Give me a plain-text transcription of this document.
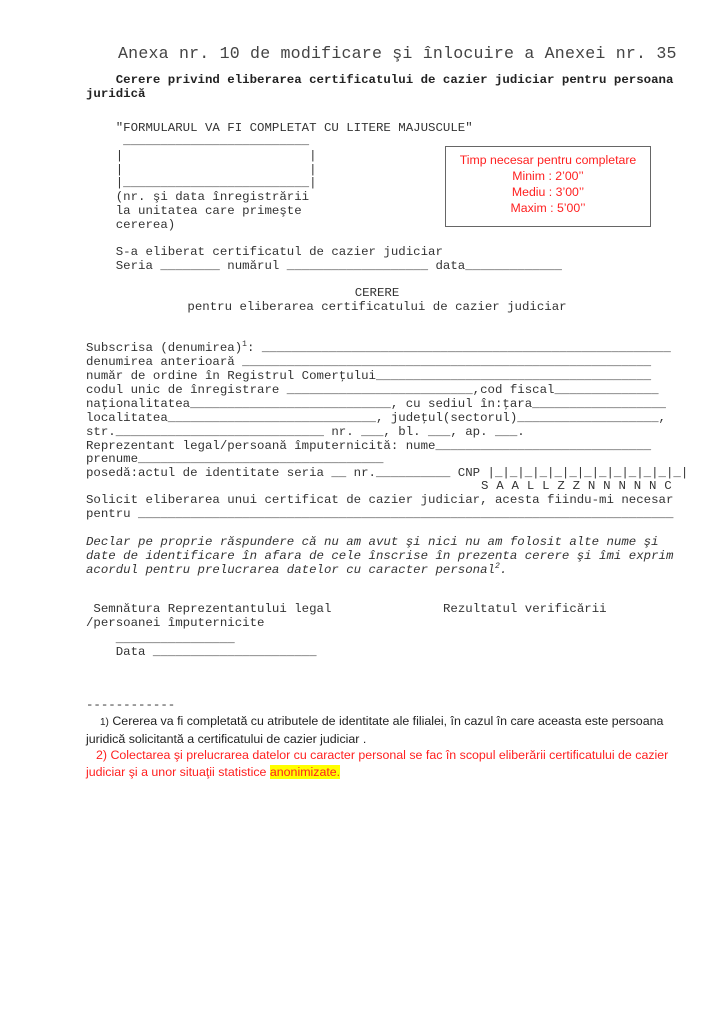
Anexa nr. 10 de modificare şi înlocuire a Anexei nr. 35
Cerere privind eliberarea certificatului de cazier judiciar pentru persoana
juridică
"FORMULARUL VA FI COMPLETAT CU LITERE MAJUSCULE"
_________________________
|                         |
|                         |
|_________________________|
(nr. şi data înregistrării
la unitatea care primeşte
cererea)
Timp necesar pentru completare
Minim : 2’00’’
Mediu : 3’00’’
Maxim : 5’00’’
S-a eliberat certificatul de cazier judiciar
Seria ________ numărul ___________________ data_____________
CERERE
pentru eliberarea certificatului de cazier judiciar
Subscrisa (denumirea)$^1$: _______________________________________________________
denumirea anterioară _______________________________________________________
număr de ordine în Registrul Comerţului_____________________________________
codul unic de înregistrare _________________________,cod fiscal______________
naţionalitatea___________________________, cu sediul în:ţara__________________
localitatea____________________________, judeţul(sectorul)___________________,
str.____________________________ nr. ___, bl. ___, ap. ___.
Reprezentant legal/persoană împuternicită: nume_____________________________
prenume_________________________________
posedă:actul de identitate seria __ nr.__________ CNP |_|_|_|_|_|_|_|_|_|_|_|_|_|
S A A L L Z Z N N N N N C
Solicit eliberarea unui certificat de cazier judiciar, acesta fiindu-mi necesar
pentru ________________________________________________________________________
Declar pe proprie răspundere că nu am avut şi nici nu am folosit alte nume şi
date de identificare în afara de cele înscrise în prezenta cerere şi îmi exprim
acordul pentru prelucrarea datelor cu caracter personal$^2$.
Semnătura Reprezentantului legal
/persoanei împuternicite
Rezultatul verificării
________________
Data ______________________
------------
1) Cererea va fi completată cu atributele de identitate ale filialei, în cazul în care aceasta este persoana juridică solicitantă a certificatului de cazier judiciar .
2) Colectarea şi prelucrarea datelor cu caracter personal se fac în scopul eliberării certificatului de cazier judiciar şi a unor situaţii statistice anonimizate.
